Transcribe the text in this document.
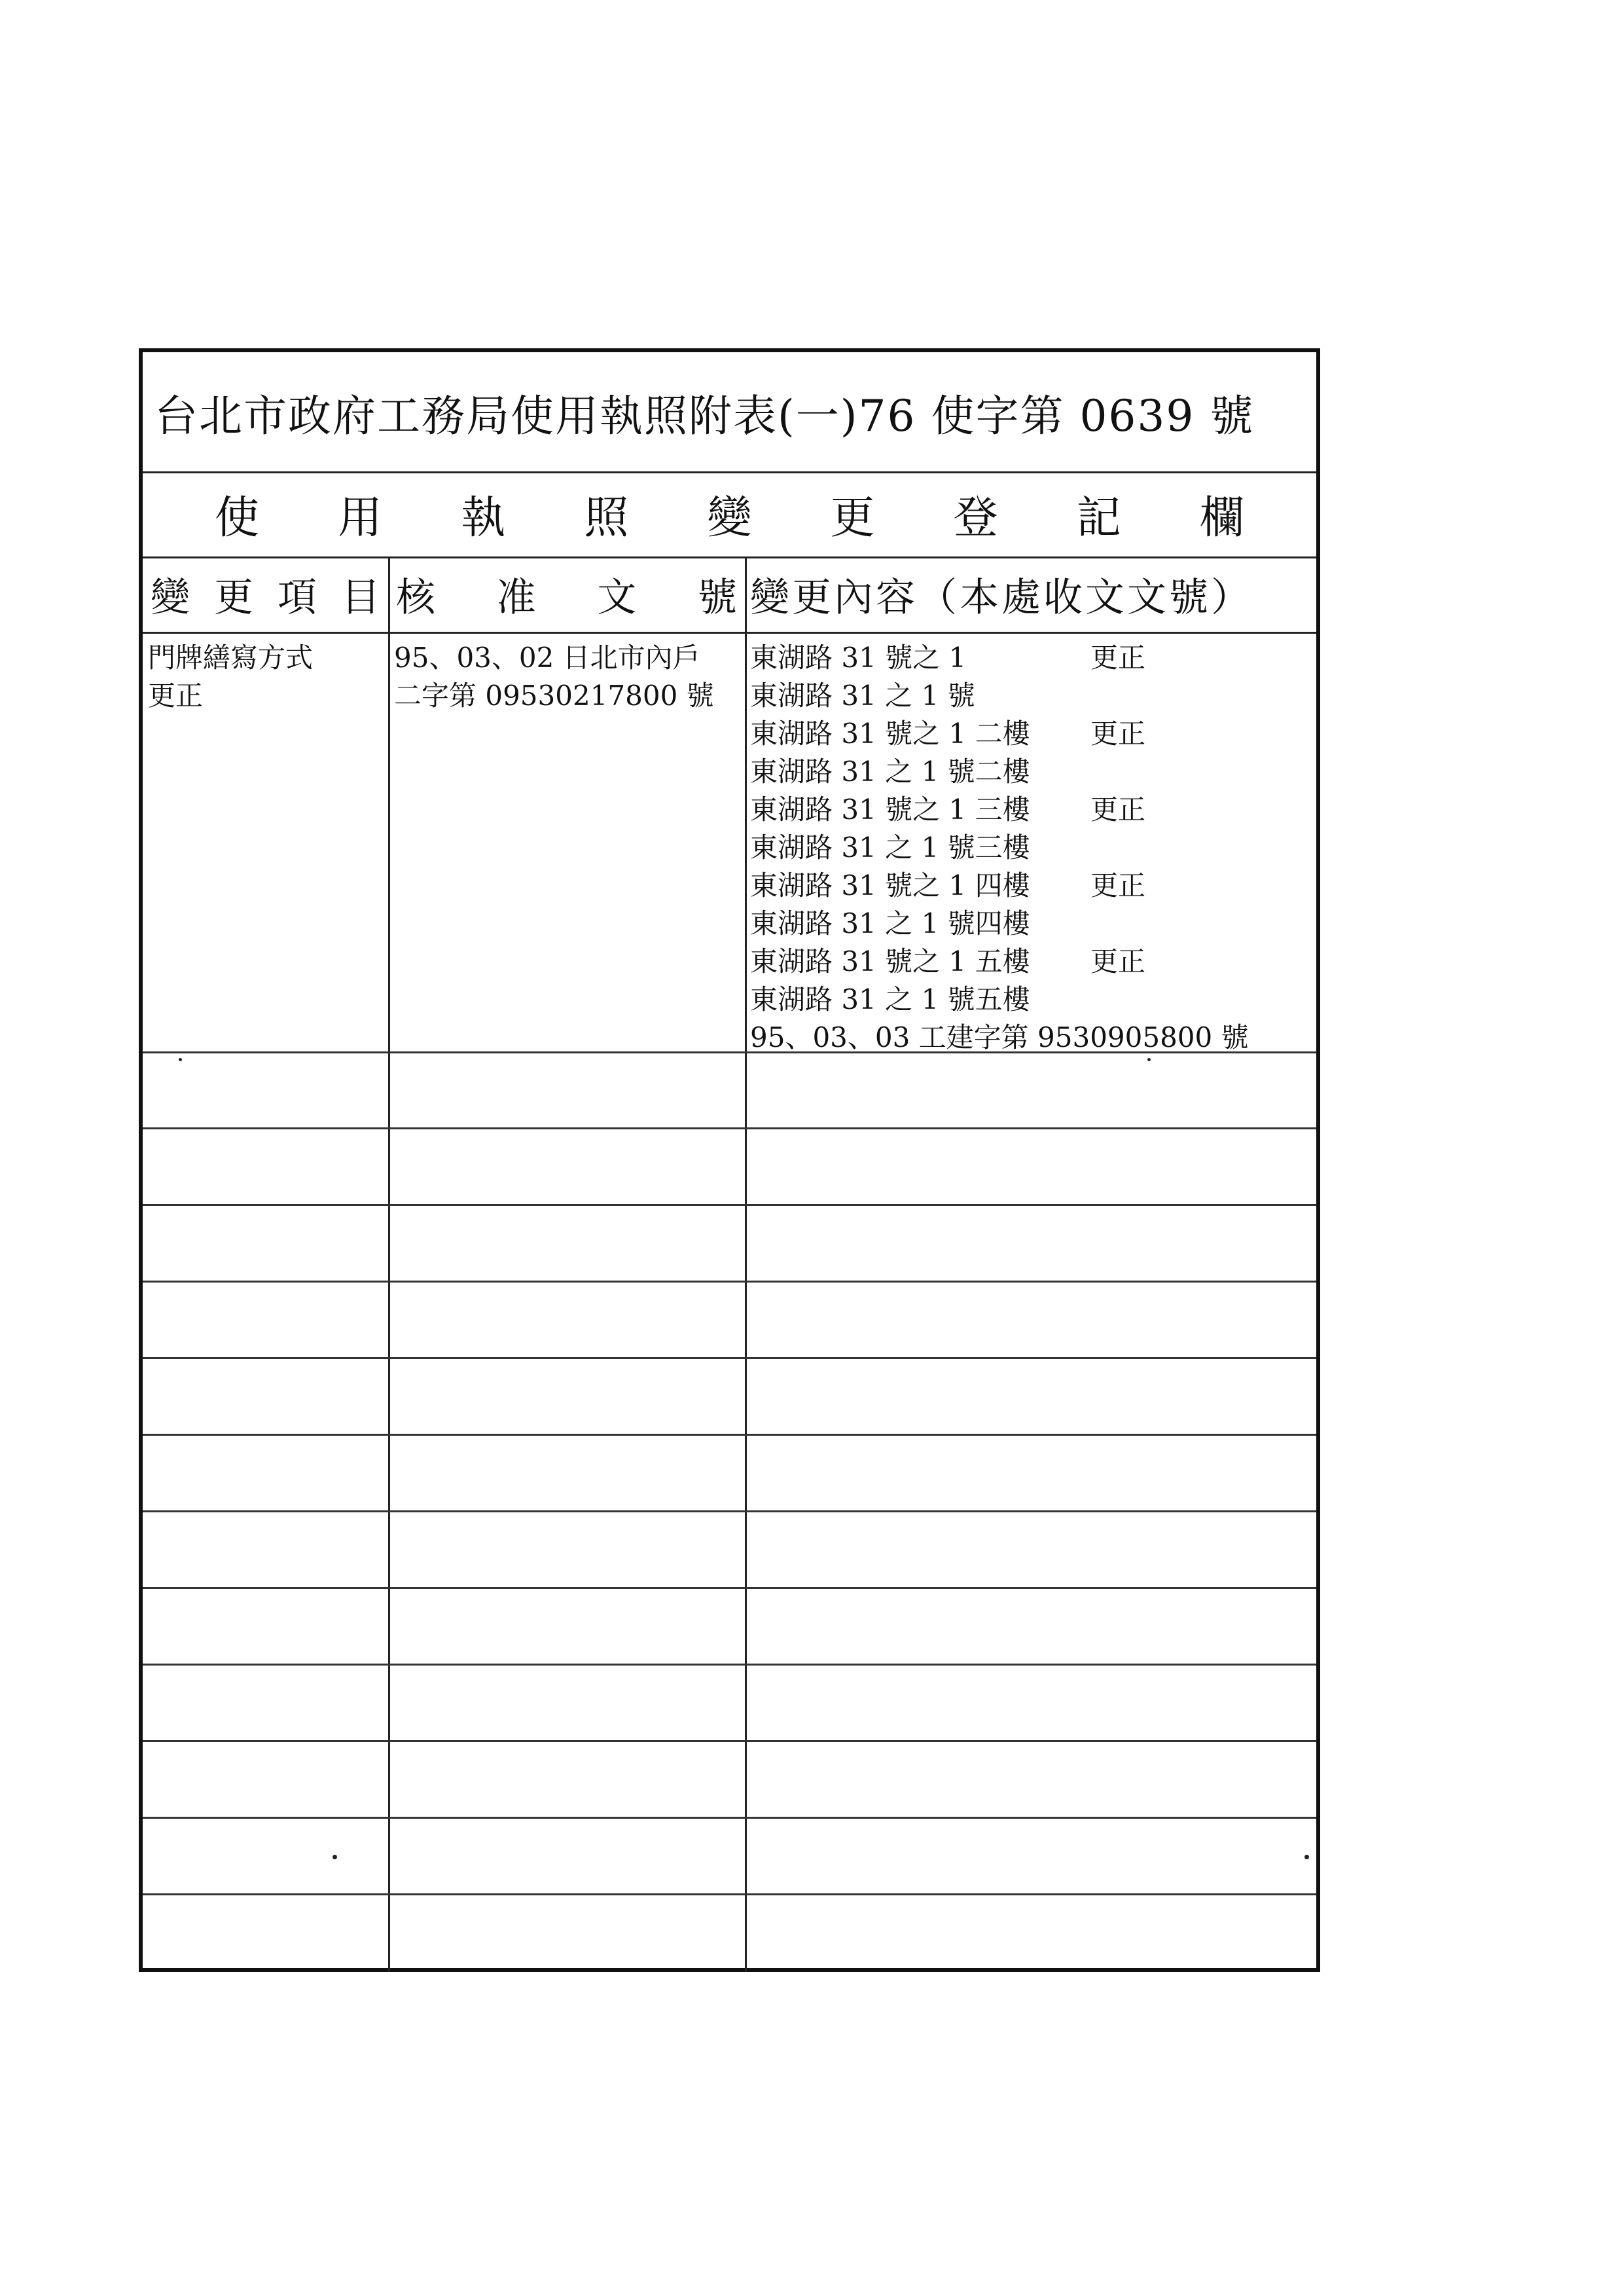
台北市政府工務局使用執照附表(一)76 使字第 0639 號
使 用 執 照 變 更 登 記 欄
變 更 項 目 核 准 文 號 變更內容（本處收文文號）
門牌繕寫方式
更正
95、03、02 日北市內戶
二字第 09530217800 號
東湖路 31 號之 1	更正
東湖路 31 之 1 號
東湖路 31 號之 1 二樓 更正
東湖路 31 之 1 號二樓
東湖路 31 號之 1 三樓 更正
東湖路 31 之 1 號三樓
東湖路 31 號之 1 四樓 更正
東湖路 31 之 1 號四樓
東湖路 31 號之 1 五樓 更正
東湖路 31 之 1 號五樓
95、03、03 工建字第 9530905800 號
